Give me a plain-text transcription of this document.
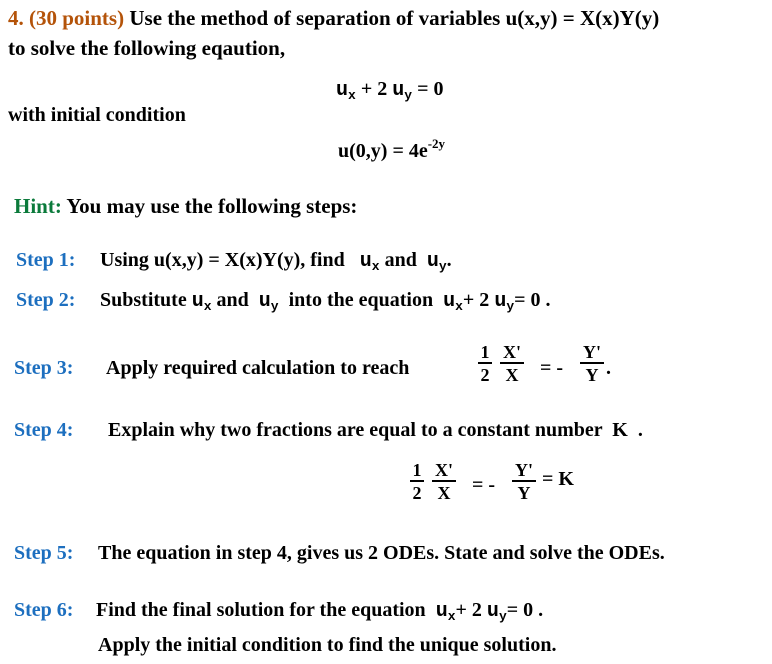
4. (30 points) Use the method of separation of variables u(x,y) = X(x)Y(y)
to solve the following eqaution,
$u_x + 2$ $u_y = 0$
with initial condition
$u(0,y) = 4e^{-2y}$
Hint: You may use the following steps:
Step 1: Using u(x,y) = X(x)Y(y), find $u_x$ and $u_y$.
Step 2: Substitute $u_x$ and $u_y$ into the equation $u_x+ 2$ $u_y= 0$ .
Step 3: Apply required calculation to reach
1
2
X'
X = -
Y'
Y .
Step 4: Explain why two fractions are equal to a constant number K .
1
2
X'
X = -
Y'
Y
= K
Step 5: The equation in step 4, gives us 2 ODEs. State and solve the ODEs.
Step 6: Find the final solution for the equation $u_x+ 2$ $u_y= 0$ .
Apply the initial condition to find the unique solution.
